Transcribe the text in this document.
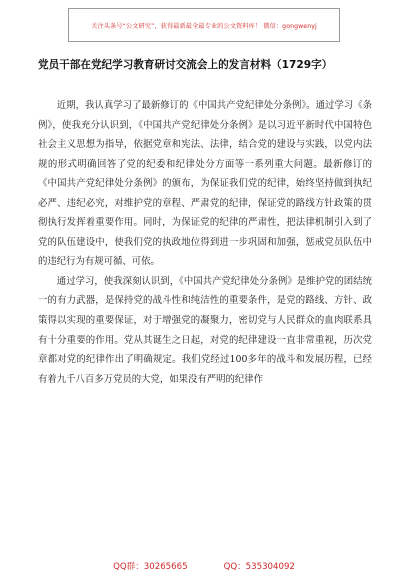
关注头条号“公文研究”，获得最新最全最专业的公文资料库！ 微信：gongwenyj
党员干部在党纪学习教育研讨交流会上的发言材料（1729字）

近期，我认真学习了最新修订的《中国共产党纪律处分条例》。通过学习《条例》，使我充分认识到，《中国共产党纪律处分条例》是以习近平新时代中国特色社会主义思想为指导，依据党章和宪法、法律，结合党的建设与实践，以党内法规的形式明确回答了党的纪委和纪律处分方面等一系列重大问题。最新修订的《中国共产党纪律处分条例》的颁布，为保证我们党的纪律，始终坚持做到执纪必严、违纪必究，对维护党的章程、严肃党的纪律，保证党的路线方针政策的贯彻执行发挥着重要作用。同时，为保证党的纪律的严肃性，把法律机制引入到了党的队伍建设中，使我们党的执政地位得到进一步巩固和加强，惩戒党员队伍中的违纪行为有规可循、可依。

通过学习，使我深刻认识到，《中国共产党纪律处分条例》是维护党的团结统一的有力武器，是保持党的战斗性和纯洁性的重要条件，是党的路线、方针、政策得以实现的重要保证，对于增强党的凝聚力，密切党与人民群众的血肉联系具有十分重要的作用。党从其诞生之日起，对党的纪律建设一直非常重视，历次党章都对党的纪律作出了明确规定。我们党经过100多年的战斗和发展历程，已经有着九千八百多万党员的大党，如果没有严明的纪律作

QQ群：30265665	QQ：535304092
